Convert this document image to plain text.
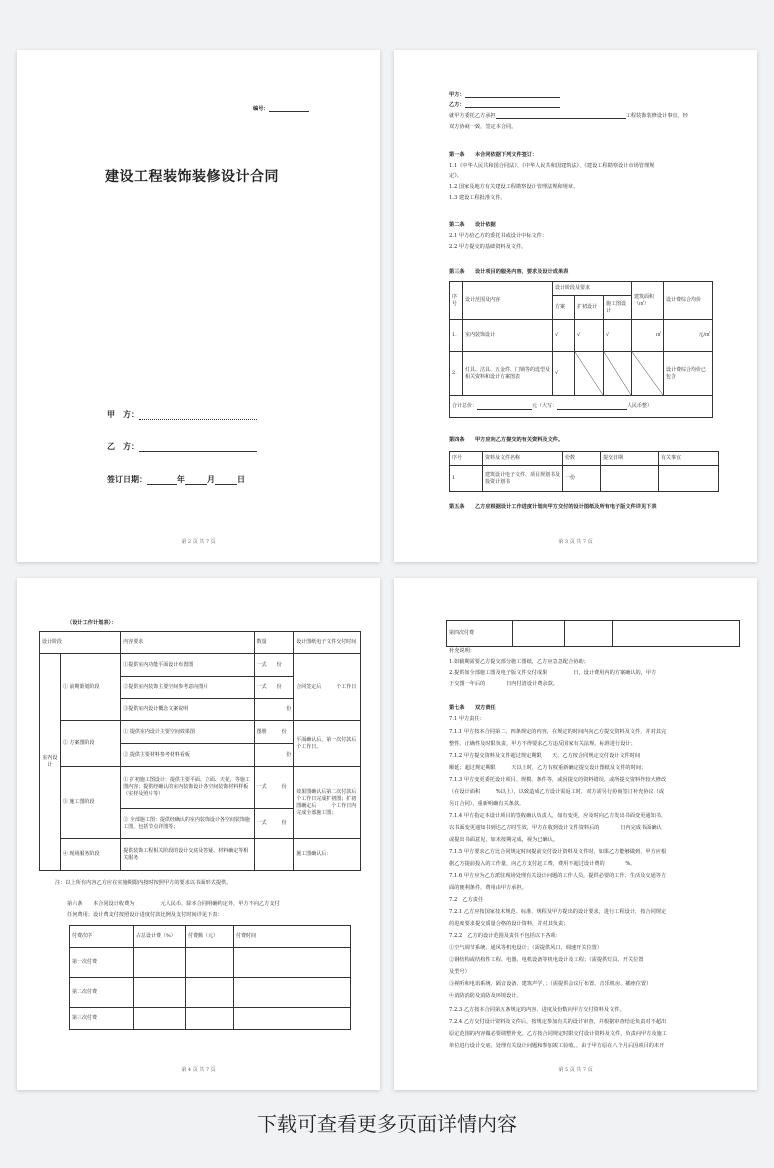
编号：
建设工程装饰装修设计合同
甲　方：
乙　方：
签订日期：	年	月	日
第 2 页 共 7 页
甲方：
乙方：
就甲方委托乙方承担	工程装饰装修设计事宜，经
双方协商一致，签定本合同。
第一条　　本合同依据下列文件签订：
1.1《中华人民共和国合同法》、《中华人民共和国建筑法》、《建设工程勘察设计市场管理规
定》。
1.2 国家及地方有关建设工程勘察设计管理法规和规章。
1.3 建设工程批准文件。
第二条　　设计依据
2.1 甲方给乙方的委托书或设计中标文件：
2.2 甲方提交的基础资料及文件。
第三条　　设计项目的服务内容、要求及设计成果表
序号	设计范围及内容	设计阶段及要求			建筑面积（㎡）	设计费综合均价
		方案	扩初设计	施工图设计		
1.	室内装饰设计	√	√	√	㎡	元/㎡
2.	灯具、洁具、五金件、门锁等的选型及相关资料和设计方案图表	√				设计费综合均价已包含
合计总价： 元（大写： 人民币整）						
第四条　　甲方应向乙方提交的有关资料及文件。
序号	资料及文件名称	份数	提交日期	有关事宜
1	建筑设计电子文件、项目规划书及投资计划书	一份		
第五条　　乙方应根据设计工作进度计划向甲方交付的设计图纸及所有电子版文件详见下表
第 3 页 共 7 页
（设计工作计划表）：
设计阶段		内容要求	数量	设计图纸电子文件交付时间
室内设计	① 前期策划阶段	①提供室内功能平面设计布置图	一式　　份	合同签定后　　　个工作日
		②提供室内装饰主要空间参考意向图片	一式　　份	
		③提供室内设计概念文案说明	份	
	② 方案图阶段	① 提供室内设计主要空间效果图	图册　　　份	平面确认后，第一次付款后　　　个工作日。
		② 提供主要材料参考材料看板	份	
	③ 施工图阶段	① 扩初施工图设计：提供主要平面、立面、天花，等施工图内容；提供经确认的室内装饰设计各空间装饰材料样板（实样及照片等）	一式　　　份	效果图确认后第二次付款后　　　个工作日完成扩初图；扩初图确定后　　　个工作日内完成全部施工图；
		② 全部施工图：提供经确认的室内装饰设计各空间装饰施工图，包括节点详图等；	一式　　　份	
	④ 现场服务阶段	提供装饰工程相关阶段的设计交底及答疑、材料确定等相关服务		施工图确认后：
注：以上所有内容乙方应在实施期限内按时按照甲方的要求以书面形式提供。
第六条　　本合同设计收费为　　　　　元人民币，除本合同明确约定外，甲方不向乙方支付
任何费用；设计费支付按照设计进度付款比例及支付时间详见下表：
付费次序	占总设计费（%）	付费额（元）	付费时间
第一次付费			
第二次付费			
第三次付费			
第 4 页 共 7 页
第四次付费			
补充说明：
1.如截期需要乙方提交部分施工图纸，乙方应急急配合协助；
2.提供如全部施工图及电子版文件交付成果　　　　　日，设计费用内的方案确认的，甲方
于交图一年后的　　　　日内付清设计费余款。
第七条　　双方责任
7.1 甲方责任：
7.1.1 甲方按本合同第二、四条规定的内容，在规定的时间内向乙方提交资料及文件，并对其完
整性、正确性及时限负责，甲方不得要求乙方违反国家有关法规、标准进行设计；
7.1.2 甲方提交资料及文件超过规定期限　　天，乙方按合同规定交付设计文件时间
顺延；超过规定期限　　　天以上时，乙方有权重新确定提交设计图纸及文件的时间；
7.1.3 甲方变更委托设计项目、规模、条件等，或因提交的资料错误，或所提交资料作较大修改
（在设计面积　　　%以上），以致造成乙方设计需返工时，双方需另行协商签订补充协议（或
另订合同），重新明确有关条款。
7.1.4 甲方指定本设计项目的签收确认负责人，如有变更，应及时向乙方发出书面变更通知书，
以书面变更通知书到达乙方时生效，甲方在收到设计文件资料后的　　　　日内完成书面确认
或提出书面意见，如未按期完成，视为已确认。
7.1.5 甲方要求乙方比合同规定时间提前交付设计资料及文件时，如果乙方能够做到，甲方应根
据乙方提前投入的工作量，向乙方支付赶工费，费用不超过设计费的　　　　%。
7.1.6 甲方应为乙方派驻现场处理有关设计问题的工作人员，提供必要的工作、生活及交通等方
面的便利条件，费用由甲方承担。
7.2　乙方责任
7.2.1 乙方应按国家技术规范、标准、规程及甲方提出的设计要求，进行工程设计，按合同规定
的进度要求提交质量合格的设计资料，并对其负责；
7.2.2　乙方的设计范围及责任不包括以下各项：
①空气调节系统、通风等机电设计；（需提供风口、调速开关位置）
②钢结构或结构性工程、电器、电机设备等机电设计及工程；（需提供灯具、开关位置
及型号）
③视听和电讯系统、隔音设备、建筑声学、；（需提供会议厅布置、音乐机房、插座位置）
④消防消防及消防及环境设计。
7.2.3 乙方按本合同第五条规定的内容、进度及份数向甲方交付资料及文件。
7.2.4 乙方交付设计资料及文件后，按规定参加有关的设计审查，并根据审查结论负责对不超出
原定范围的内容做必要调整补充。乙方按合同规定时限交付设计资料及文件，负责向甲方及施工
单位进行设计交底、处理有关设计问题和参加竣工验收。，由于甲方原在八个月后因项目的未开
第 5 页 共 7 页
下载可查看更多页面详情内容
